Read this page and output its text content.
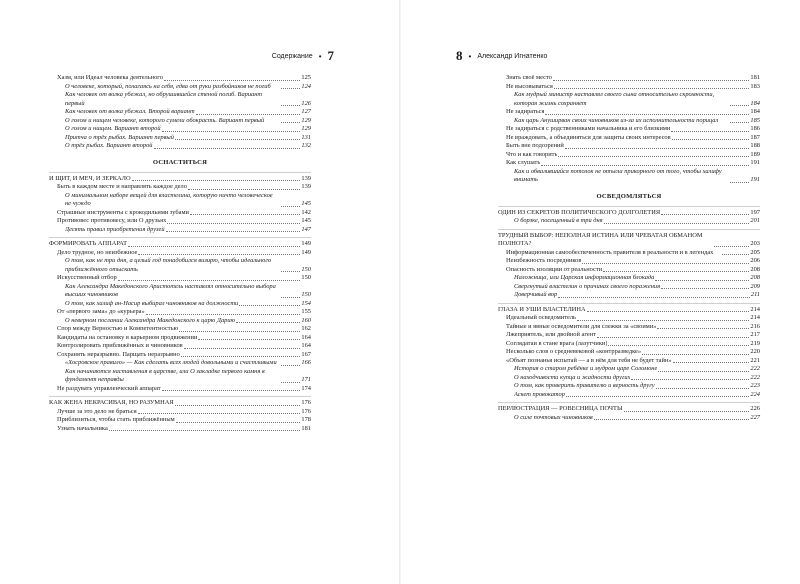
Содержание • 7
Хазм, или Идеал человека деятельного	125
О человеке, который, полагаясь на себя, едва от руки разбойников не погиб	124
Как человек от волка убежал, но обрушившейся стеной погиб. Вариант первый	126
Как человек от волка убежал. Второй вариант	127
О голом и нищем человеке, которого сумели обокрасть. Вариант первый	129
О голом и нищем. Вариант второй	129
Притча о трёх рыбах. Вариант первый	131
О трёх рыбах. Вариант второй	132
ОСНАСТИТЬСЯ
И ЩИТ, И МЕЧ, И ЗЕРКАЛО	139
Быть в каждом месте и направлять каждое дело	139
О минимальном наборе вещей для властелина, которую ничто человеческое не чуждо	145
Страшные инструменты с крокодильими зубами	142
Противовес противовесу, или О друзьях	145
Десять правил приобретения друзей	147
ФОРМИРОВАТЬ АППАРАТ	149
Дело трудное, но неизбежное	149
О том, как не три дня, а целый год понадобился визирю, чтобы идеального приближённого отыскать	150
Искусственный отбор	150
Как Александра Македонского Аристотель наставлял относительно выбора высших чиновников	150
О том, как халиф ан-Насир выбирал чиновников на должности	154
От «первого зама» до «курьера»	155
О неверном послании Александра Македонского к царю Дарию	160
Спор между Верностью и Компетентностью	162
Кандидаты на остановку в карьерном продвижении	164
Контролировать приближённых и чиновников	164
Сохранять неразрывно. Парщать неразрывно	167
«Хосровское правило» — Как сделать всех людей довольными и счастливыми	166
Как начинаются наставления в царстве, или О закладке первого камня в фундамент неправды	171
Не раздувать управленческий аппарат	174
КАК ЖЕНА НЕКРАСИВАЯ, НО РАЗУМНАЯ	176
Лучше за это дело не браться	176
Приблизиться, чтобы стать приближённым	178
Узнать начальника	181
8 • Александр Игнатенко
Знать своё место	181
Не высовываться	183
Как мудрый министр наставлял своего сына относительно скромности, которая жизнь сохраняет	184
Не задираться	184
Как царь Ануширван своих чиновников из-за их исполнительности порицал	185
Не задираться с родственниками начальника и его близкими	186
Не враждовать, а объединяться для защиты своих интересов	187
Быть вне подозрений	188
Что и как говорить	189
Как слушать	191
Как и обвалившийся потолок не отъела прикорного от того, чтобы халифу внимать	191
ОСВЕДОМЛЯТЬСЯ
ОДИН ИЗ СЕКРЕТОВ ПОЛИТИЧЕСКОГО ДОЛГОЛЕТИЯ	197
О борзке, посещенный в три дня	201
ТРУДНЫЙ ВЫБОР: НЕПОЛНАЯ ИСТИНА ИЛИ ЧРЕВАТАЯ ОБМАНОМ ПОЛНОТА?	203
Информационная самообеспеченность правителя в реальности и в легендах	205
Неизбежность посредников	206
Опасность изоляции от реальности	208
Наложница, или Царская информационная блокада	208
Свергнутый властелин о причинах своего поражения	209
Доверчивый вор	211
ГЛАЗА И УШИ ВЛАСТЕЛИНА	214
Идеальный осведомитель	214
Тайные и явные осведомители для слежки за «своими»	216
Лжеприятель, или двойной агент	217
Соглядатаи в стане врага (лазутчики)	219
Несколько слов о средневековой «контрразведке»	220
«Объят познанья испытай — а в нём для тебя не будет тайн»	221
История о старом ребёнке и мудром царе Соломоне	222
О находчивости купца и жадности других	222
О том, как проверить правителю и верность другу	223
Аскет провокатор	224
ПЕРЛЮСТРАЦИЯ — РОВЕСНИЦА ПОЧТЫ	226
О силе почтовых чиновников	227
